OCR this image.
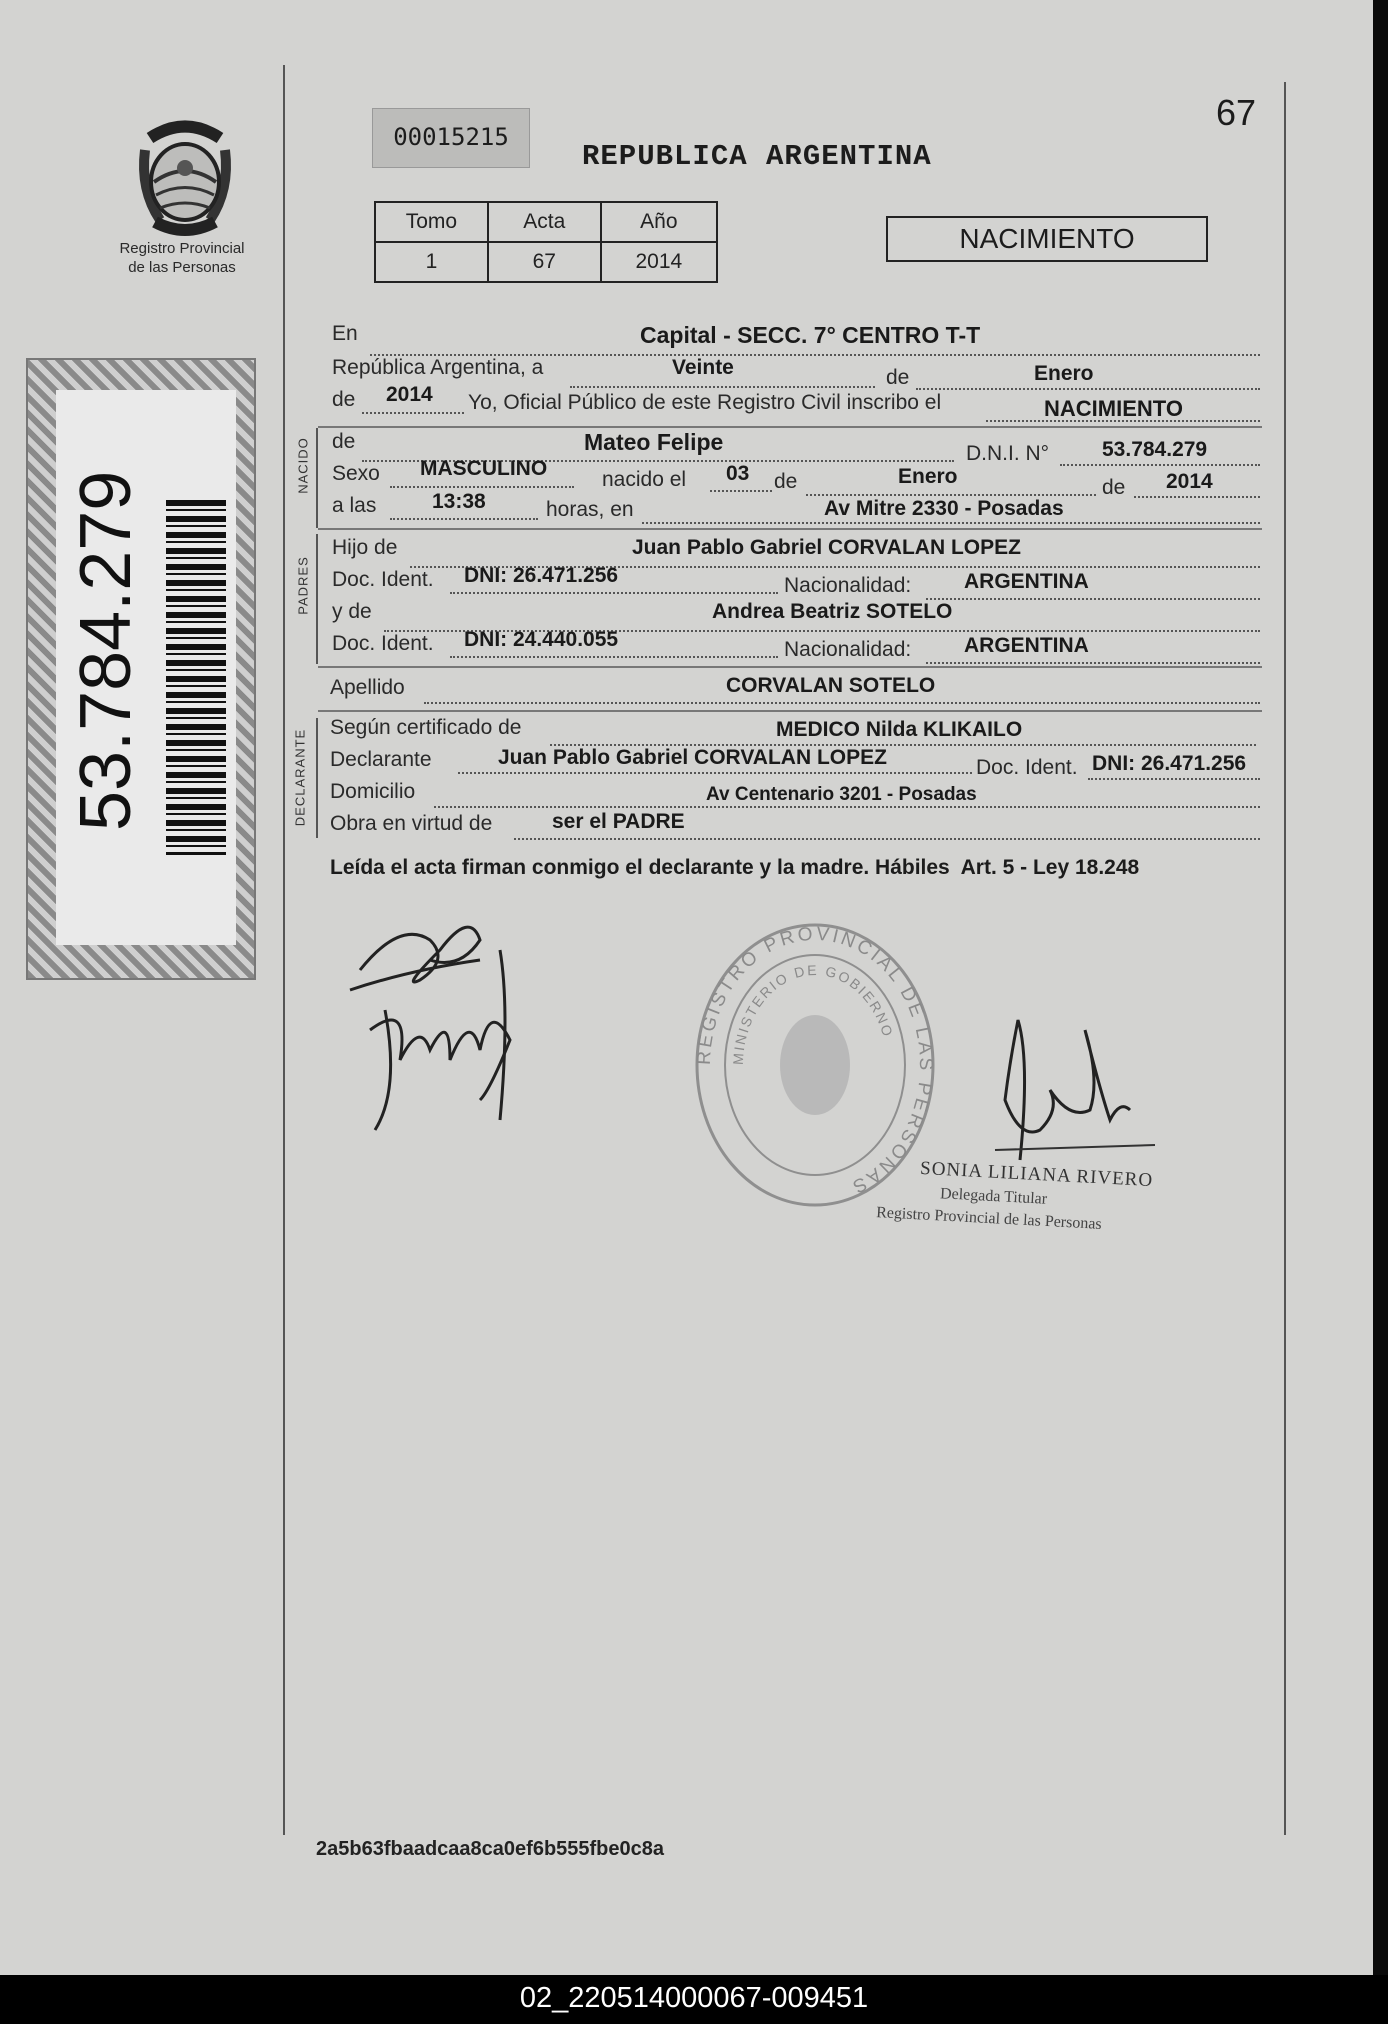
Registro Provincial
de las Personas
53.784.279
00015215
REPUBLICA ARGENTINA
67
Tomo	Acta	Año
1	67	2014
NACIMIENTO
NACIDO
PADRES
DECLARANTE
En	Capital - SECC. 7° CENTRO T-T
República Argentina, a	Veinte	de	Enero
de 2014 Yo, Oficial Público de este Registro Civil inscribo el	NACIMIENTO
de	Mateo Felipe	D.N.I. N°	53.784.279
Sexo MASCULINO	nacido el 03 de	Enero	de 2014
a las	13:38	horas, en	Av Mitre 2330 - Posadas
Hijo de	Juan Pablo Gabriel CORVALAN LOPEZ
Doc. Ident. DNI: 26.471.256	Nacionalidad:	ARGENTINA
y de	Andrea Beatriz SOTELO
Doc. Ident. DNI: 24.440.055	Nacionalidad:	ARGENTINA
Apellido	CORVALAN SOTELO
Según certificado de	MEDICO Nilda KLIKAILO
Declarante	Juan Pablo Gabriel CORVALAN LOPEZ	Doc. Ident. DNI: 26.471.256
Domicilio	Av Centenario 3201 - Posadas
Obra en virtud de	ser el PADRE
Leída el acta firman conmigo el declarante y la madre. Hábiles  Art. 5 - Ley 18.248
REGISTRO PROVINCIAL DE LAS PERSONAS
MINISTERIO DE GOBIERNO
SONIA LILIANA RIVERO
Delegada Titular
Registro Provincial de las Personas
2a5b63fbaadcaa8ca0ef6b555fbe0c8a
02_220514000067-009451
